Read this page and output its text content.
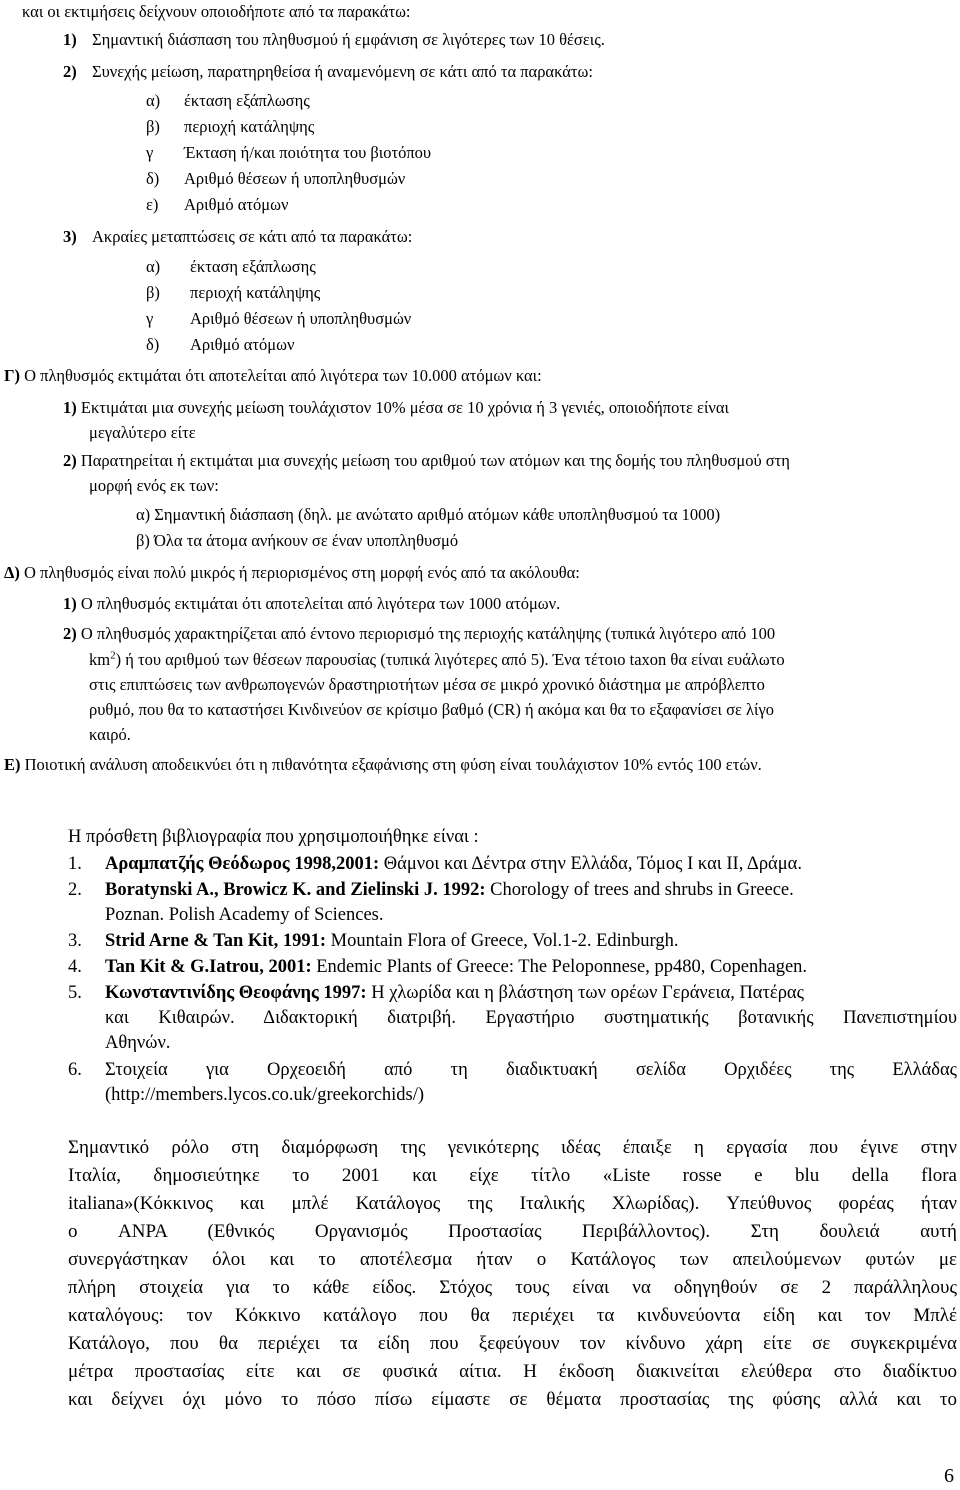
και οι εκτιμήσεις δείχνουν οποιοδήποτε από τα παρακάτω:
1) Σημαντική διάσπαση του πληθυσμού ή εμφάνιση σε λιγότερες των 10 θέσεις.
2) Συνεχής μείωση, παρατηρηθείσα ή αναμενόμενη σε κάτι από τα παρακάτω:
α) έκταση εξάπλωσης
β) περιοχή κατάληψης
γ Έκταση ή/και ποιότητα του βιοτόπου
δ) Αριθμό θέσεων ή υποπληθυσμών
ε) Αριθμό ατόμων
3) Ακραίες μεταπτώσεις σε κάτι από τα παρακάτω:
α) έκταση εξάπλωσης
β) περιοχή κατάληψης
γ Αριθμό θέσεων ή υποπληθυσμών
δ) Αριθμό ατόμων
Γ) Ο πληθυσμός εκτιμάται ότι αποτελείται από λιγότερα των 10.000 ατόμων και:
1) Εκτιμάται μια συνεχής μείωση τουλάχιστον 10% μέσα σε 10 χρόνια ή 3 γενιές, οποιοδήποτε είναι
μεγαλύτερο είτε
2) Παρατηρείται ή εκτιμάται μια συνεχής μείωση του αριθμού των ατόμων και της δομής του πληθυσμού στη
μορφή ενός εκ των:
α) Σημαντική διάσπαση (δηλ. με ανώτατο αριθμό ατόμων κάθε υποπληθυσμού τα 1000)
β) Όλα τα άτομα ανήκουν σε έναν υποπληθυσμό
Δ) Ο πληθυσμός είναι πολύ μικρός ή περιορισμένος στη μορφή ενός από τα ακόλουθα:
1) Ο πληθυσμός εκτιμάται ότι αποτελείται από λιγότερα των 1000 ατόμων.
2) Ο πληθυσμός χαρακτηρίζεται από έντονο περιορισμό της περιοχής κατάληψης (τυπικά λιγότερο από 100
$km^2$) ή του αριθμού των θέσεων παρουσίας (τυπικά λιγότερες από 5). Ένα τέτοιο taxon θα είναι ευάλωτο
στις επιπτώσεις των ανθρωπογενών δραστηριοτήτων μέσα σε μικρό χρονικό διάστημα με απρόβλεπτο
ρυθμό, που θα το καταστήσει Κινδινεύον σε κρίσιμο βαθμό (CR) ή ακόμα και θα το εξαφανίσει σε λίγο
καιρό.
Ε) Ποιοτική ανάλυση αποδεικνύει ότι η πιθανότητα εξαφάνισης στη φύση είναι τουλάχιστον 10% εντός 100 ετών.
Η πρόσθετη βιβλιογραφία που χρησιμοποιήθηκε είναι :
1. Αραμπατζής Θεόδωρος 1998,2001: Θάμνοι και Δέντρα στην Ελλάδα, Τόμος Ι και ΙΙ, Δράμα.
2. Boratynski A., Browicz K. and Zielinski J. 1992: Chorology of trees and shrubs in Greece.
Poznan. Polish Academy of Sciences.
3. Strid Arne & Tan Kit, 1991: Mountain Flora of Greece, Vol.1-2. Edinburgh.
4. Tan Kit & G.Iatrou, 2001: Endemic Plants of Greece: The Peloponnese, pp480, Copenhagen.
5. Κωνσταντινίδης Θεοφάνης 1997: Η χλωρίδα και η βλάστηση των ορέων Γεράνεια, Πατέρας
και Κιθαιρών. Διδακτορική διατριβή. Εργαστήριο συστηματικής βοτανικής Πανεπιστημίου
Αθηνών.
6. Στοιχεία για Ορχεοειδή από τη διαδικτυακή σελίδα Ορχιδέες της Ελλάδας
(http://members.lycos.co.uk/greekorchids/)
Σημαντικό ρόλο στη διαμόρφωση της γενικότερης ιδέας έπαιξε η εργασία που έγινε στην
Ιταλία, δημοσιεύτηκε το 2001 και είχε τίτλο «Liste rosse e blu della flora
italiana»(Κόκκινος και μπλέ Κατάλογος της Ιταλικής Χλωρίδας). Υπεύθυνος φορέας ήταν
ο ANPA (Εθνικός Οργανισμός Προστασίας Περιβάλλοντος). Στη δουλειά αυτή
συνεργάστηκαν όλοι και το αποτέλεσμα ήταν ο Κατάλογος των απειλούμενων φυτών με
πλήρη στοιχεία για το κάθε είδος. Στόχος τους είναι να οδηγηθούν σε 2 παράλληλους
καταλόγους: τον Κόκκινο κατάλογο που θα περιέχει τα κινδυνεύοντα είδη και τον Μπλέ
Κατάλογο, που θα περιέχει τα είδη που ξεφεύγουν τον κίνδυνο χάρη είτε σε συγκεκριμένα
μέτρα προστασίας είτε και σε φυσικά αίτια. Η έκδοση διακινείται ελεύθερα στο διαδίκτυο
και δείχνει όχι μόνο το πόσο πίσω είμαστε σε θέματα προστασίας της φύσης αλλά και το
6
